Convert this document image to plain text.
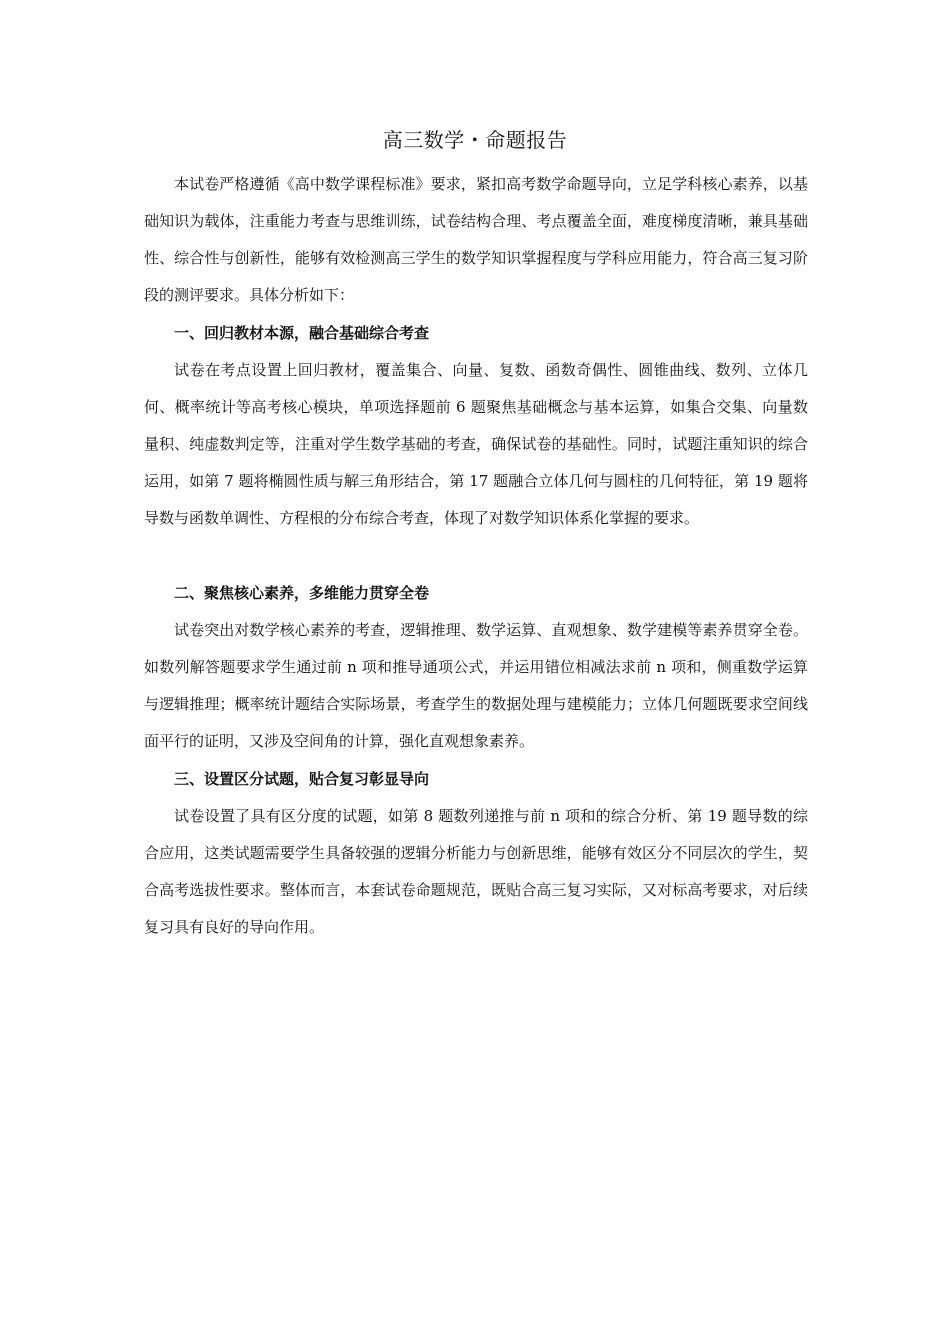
高三数学・命题报告

本试卷严格遵循《高中数学课程标准》要求，紧扣高考数学命题导向，立足学科核心素养，以基础知识为载体，注重能力考查与思维训练，试卷结构合理、考点覆盖全面，难度梯度清晰，兼具基础性、综合性与创新性，能够有效检测高三学生的数学知识掌握程度与学科应用能力，符合高三复习阶段的测评要求。具体分析如下：

一、回归教材本源，融合基础综合考查

试卷在考点设置上回归教材，覆盖集合、向量、复数、函数奇偶性、圆锥曲线、数列、立体几何、概率统计等高考核心模块，单项选择题前 6 题聚焦基础概念与基本运算，如集合交集、向量数量积、纯虚数判定等，注重对学生数学基础的考查，确保试卷的基础性。同时，试题注重知识的综合运用，如第 7 题将椭圆性质与解三角形结合，第 17 题融合立体几何与圆柱的几何特征，第 19 题将导数与函数单调性、方程根的分布综合考查，体现了对数学知识体系化掌握的要求。

二、聚焦核心素养，多维能力贯穿全卷

试卷突出对数学核心素养的考查，逻辑推理、数学运算、直观想象、数学建模等素养贯穿全卷。如数列解答题要求学生通过前 n 项和推导通项公式，并运用错位相减法求前 n 项和，侧重数学运算与逻辑推理；概率统计题结合实际场景，考查学生的数据处理与建模能力；立体几何题既要求空间线面平行的证明，又涉及空间角的计算，强化直观想象素养。

三、设置区分试题，贴合复习彰显导向

试卷设置了具有区分度的试题，如第 8 题数列递推与前 n 项和的综合分析、第 19 题导数的综合应用，这类试题需要学生具备较强的逻辑分析能力与创新思维，能够有效区分不同层次的学生，契合高考选拔性要求。整体而言，本套试卷命题规范，既贴合高三复习实际，又对标高考要求，对后续复习具有良好的导向作用。
